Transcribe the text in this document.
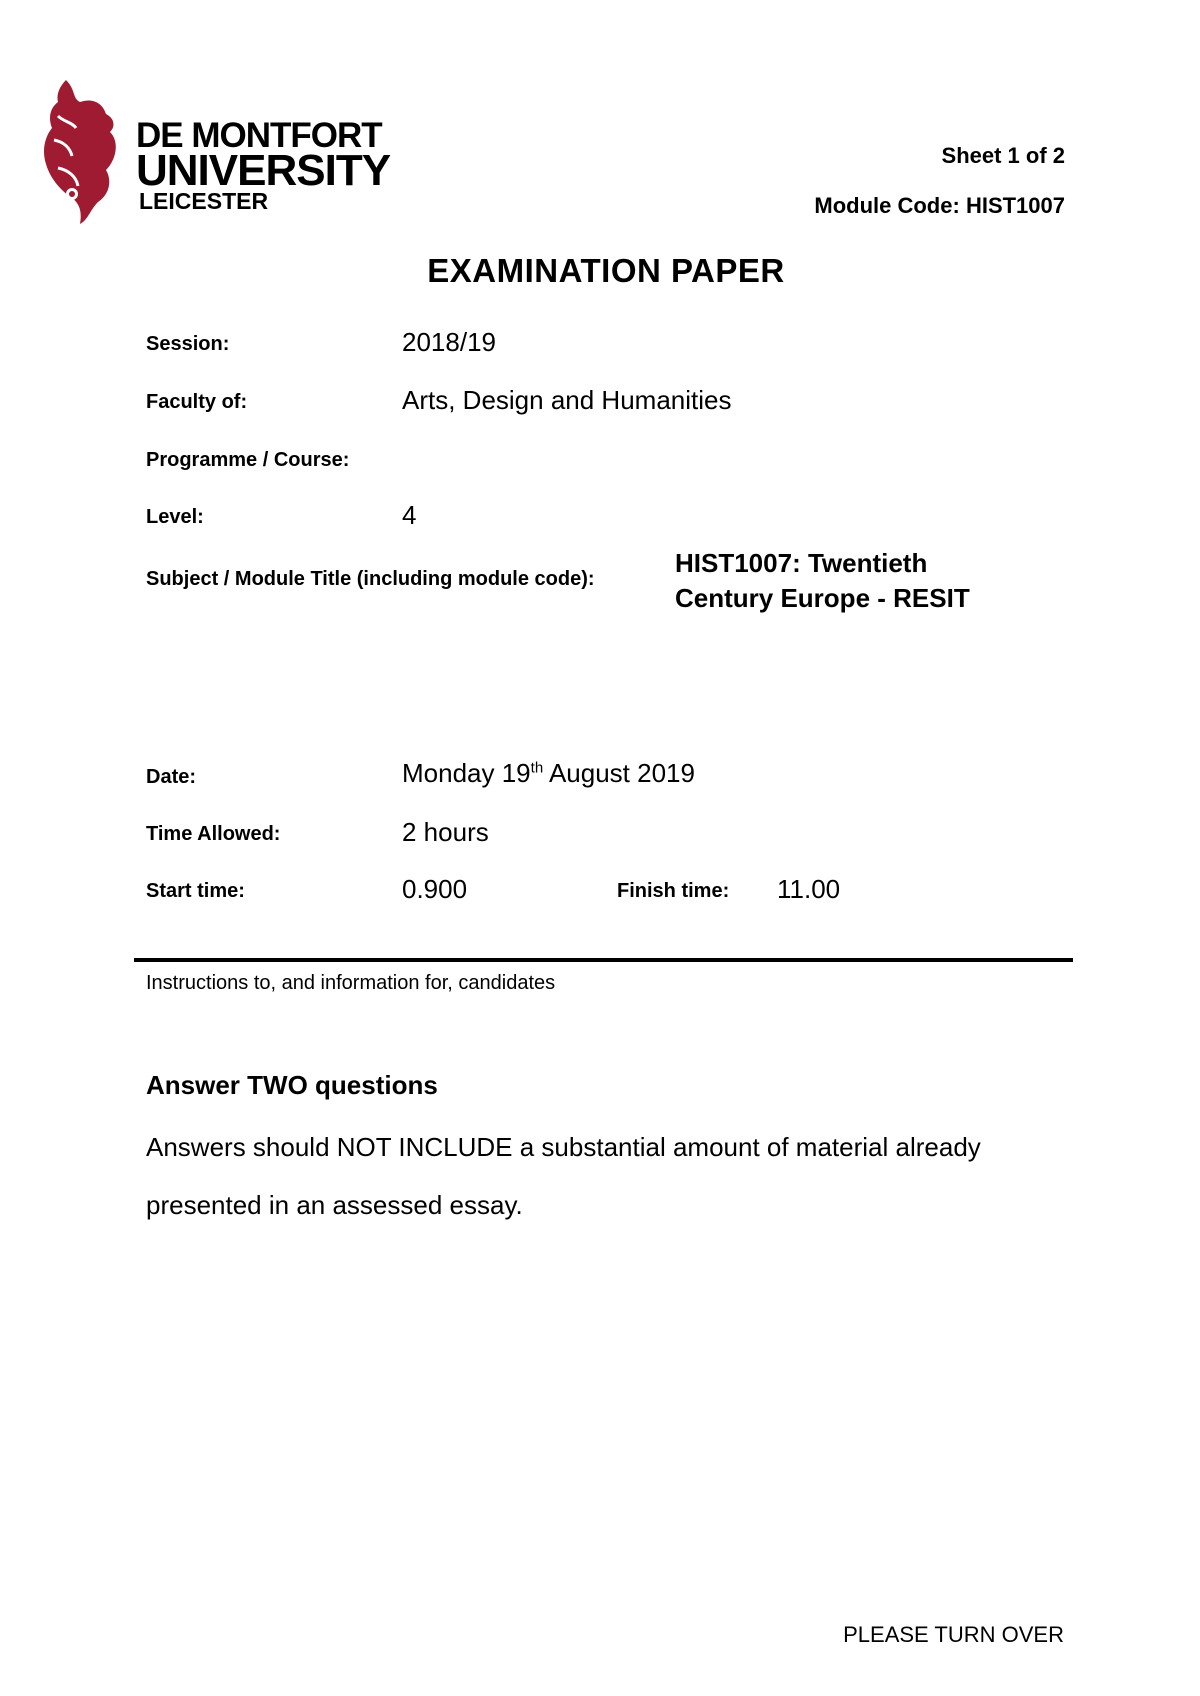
DE MONTFORT
UNIVERSITY
LEICESTER
Sheet 1 of 2
Module Code: HIST1007
EXAMINATION PAPER
Session:	2018/19
Faculty of:	Arts, Design and Humanities
Programme / Course:
Level:	4
Subject / Module Title (including module code):
HIST1007: Twentieth
Century Europe - RESIT
Date:	Monday 19th August 2019
Time Allowed:	2 hours
Start time:	0.900	Finish time: 11.00
Instructions to, and information for, candidates
Answer TWO questions
Answers should NOT INCLUDE a substantial amount of material already presented in an assessed essay.
PLEASE TURN OVER
